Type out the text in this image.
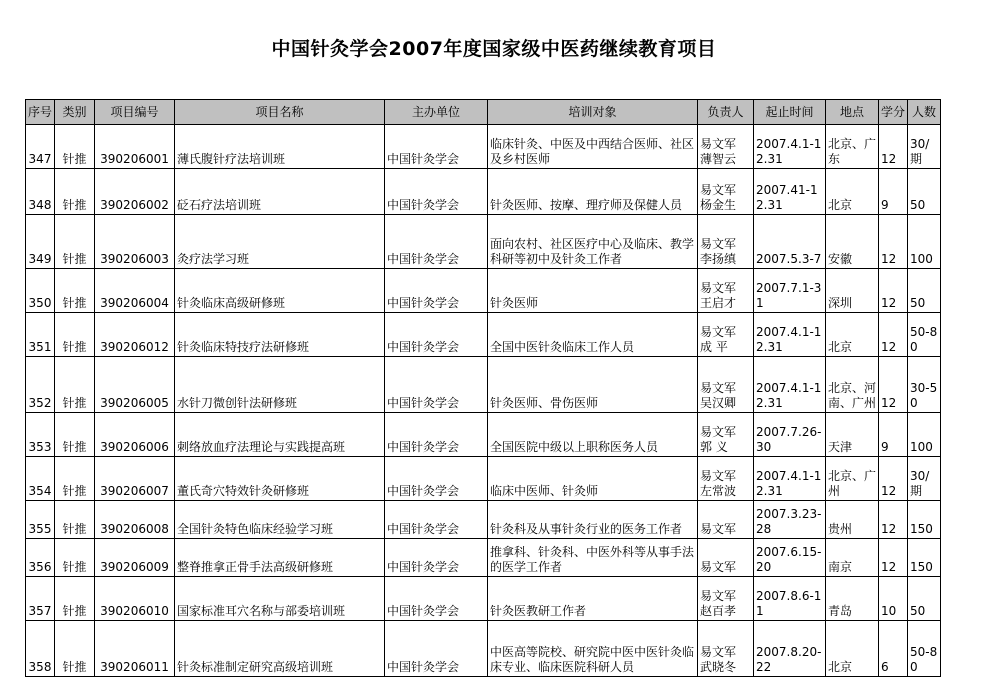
中国针灸学会2007年度国家级中医药继续教育项目
序号	类别	项目编号	项目名称	主办单位	培训对象	负责人	起止时间	地点	学分	人数
347	针推	390206001	薄氏腹针疗法培训班	中国针灸学会	临床针灸、中医及中西结合医师、社区及乡村医师	易文军 薄智云	2007.4.1-12.31	北京、广东	12	30/期
348	针推	390206002	砭石疗法培训班	中国针灸学会	针灸医师、按摩、理疗师及保健人员	易文军 杨金生	2007.41-12.31	北京	9	50
349	针推	390206003	灸疗法学习班	中国针灸学会	面向农村、社区医疗中心及临床、教学科研等初中及针灸工作者	易文军 李扬缜	2007.5.3-7	安徽	12	100
350	针推	390206004	针灸临床高级研修班	中国针灸学会	针灸医师	易文军 王启才	2007.7.1-31	深圳	12	50
351	针推	390206012	针灸临床特技疗法研修班	中国针灸学会	全国中医针灸临床工作人员	易文军 成 平	2007.4.1-12.31	北京	12	50-80
352	针推	390206005	水针刀微创针法研修班	中国针灸学会	针灸医师、骨伤医师	易文军 吴汉卿	2007.4.1-12.31	北京、河南、广州	12	30-50
353	针推	390206006	刺络放血疗法理论与实践提高班	中国针灸学会	全国医院中级以上职称医务人员	易文军 郭 义	2007.7.26-30	天津	9	100
354	针推	390206007	董氏奇穴特效针灸研修班	中国针灸学会	临床中医师、针灸师	易文军 左常波	2007.4.1-12.31	北京、广州	12	30/期
355	针推	390206008	全国针灸特色临床经验学习班	中国针灸学会	针灸科及从事针灸行业的医务工作者	易文军	2007.3.23-28	贵州	12	150
356	针推	390206009	整脊推拿正骨手法高级研修班	中国针灸学会	推拿科、针灸科、中医外科等从事手法的医学工作者	易文军	2007.6.15-20	南京	12	150
357	针推	390206010	国家标准耳穴名称与部委培训班	中国针灸学会	针灸医教研工作者	易文军 赵百孝	2007.8.6-11	青岛	10	50
358	针推	390206011	针灸标准制定研究高级培训班	中国针灸学会	中医高等院校、研究院中医中医针灸临床专业、临床医院科研人员	易文军 武晓冬	2007.8.20-22	北京	6	50-80
